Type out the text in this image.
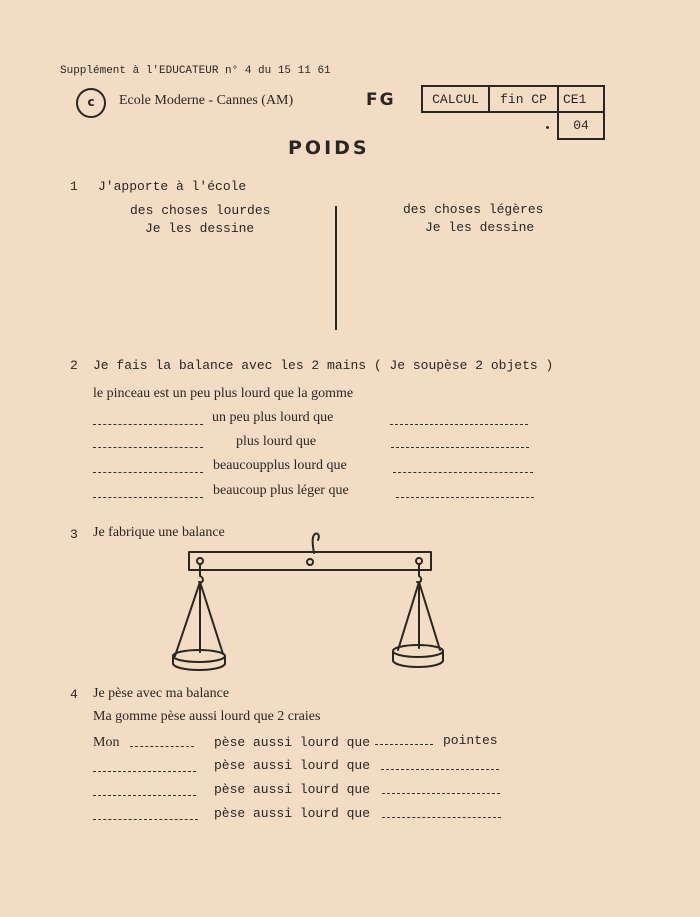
Supplément à l'EDUCATEUR n° 4 du 15 11 61
c	Ecole Moderne - Cannes (AM)	FG	CALCUL	fin CP	CE1
04
POIDS
1 J'apporte à l'école
des choses lourdes
Je les dessine
des choses légères
Je les dessine
2 Je fais la balance avec les 2 mains ( Je soupèse 2 objets )
le pinceau est un peu plus lourd que la gomme
un peu plus lourd que
plus lourd que
beaucoupplus lourd que
beaucoup plus léger que
3 Je fabrique une balance
4 Je pèse avec ma balance
Ma gomme pèse aussi lourd que 2 craies
Mon	pèse aussi lourd que	pointes
pèse aussi lourd que
pèse aussi lourd que
pèse aussi lourd que
